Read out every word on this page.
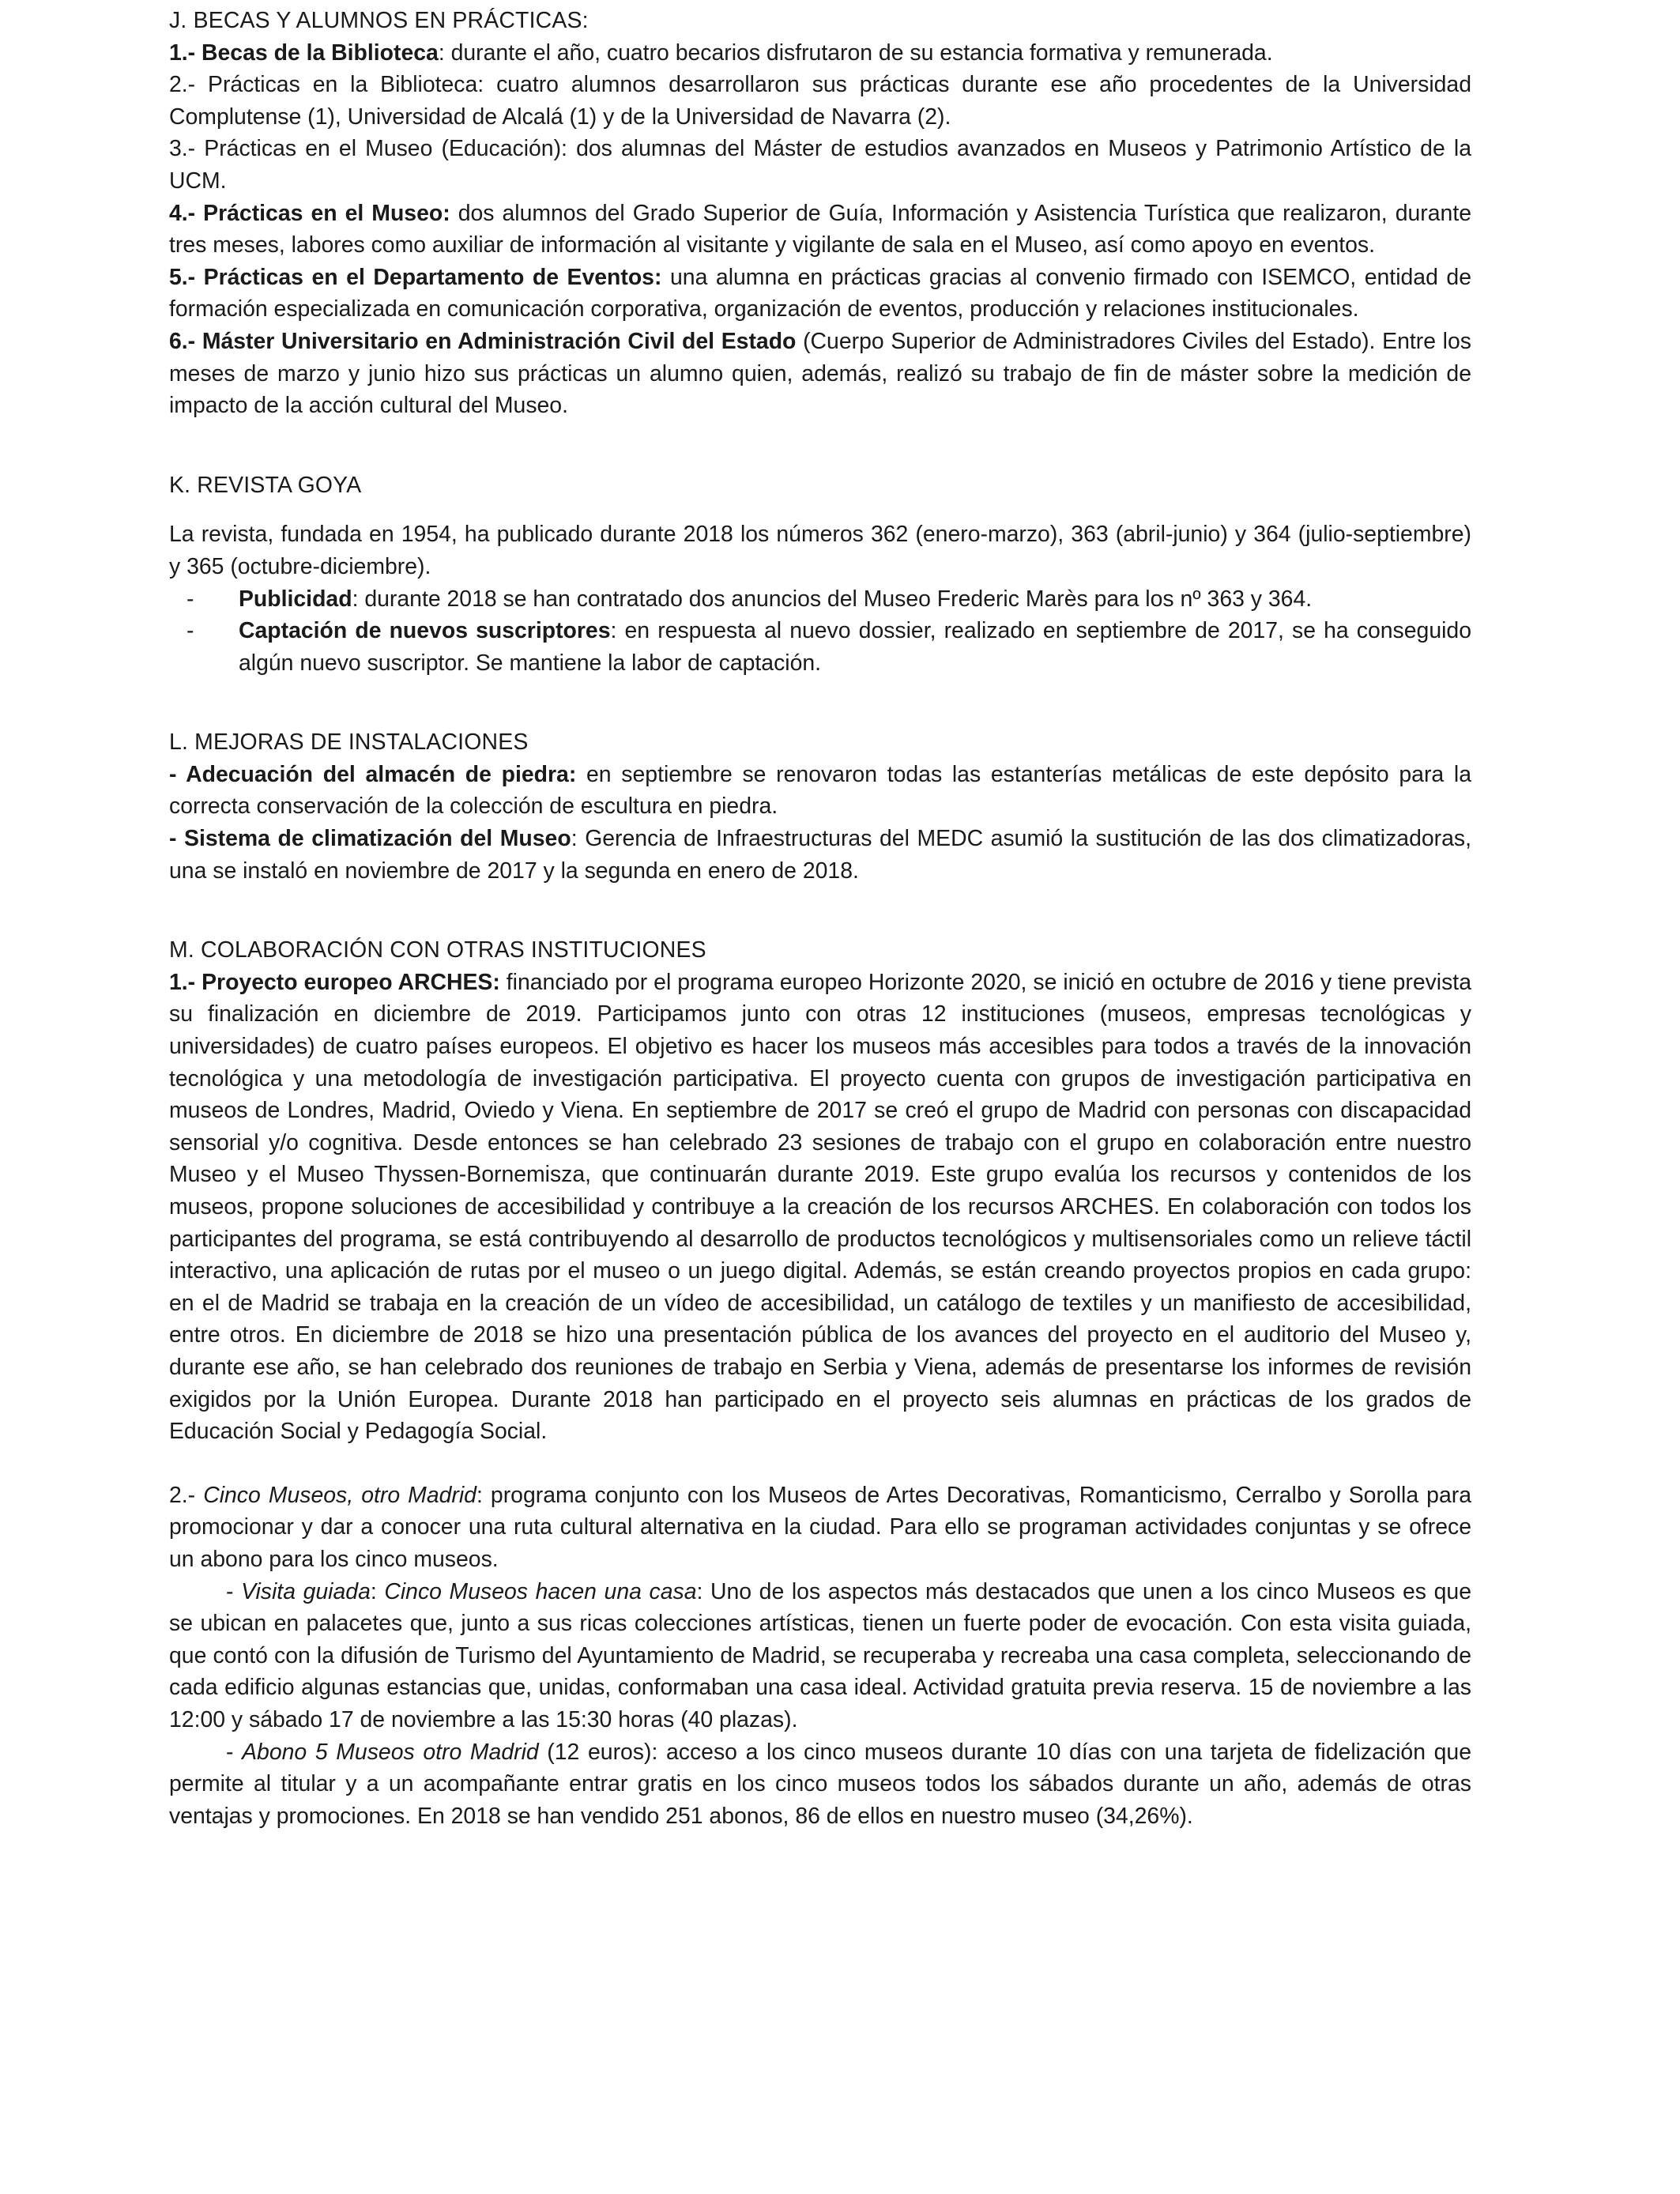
J. BECAS Y ALUMNOS EN PRÁCTICAS:

1.- Becas de la Biblioteca: durante el año, cuatro becarios disfrutaron de su estancia formativa y remunerada.

2.- Prácticas en la Biblioteca: cuatro alumnos desarrollaron sus prácticas durante ese año procedentes de la Universidad Complutense (1), Universidad de Alcalá (1) y de la Universidad de Navarra (2).

3.- Prácticas en el Museo (Educación): dos alumnas del Máster de estudios avanzados en Museos y Patrimonio Artístico de la UCM.

4.- Prácticas en el Museo: dos alumnos del Grado Superior de Guía, Información y Asistencia Turística que realizaron, durante tres meses, labores como auxiliar de información al visitante y vigilante de sala en el Museo, así como apoyo en eventos.

5.- Prácticas en el Departamento de Eventos: una alumna en prácticas gracias al convenio firmado con ISEMCO, entidad de formación especializada en comunicación corporativa, organización de eventos, producción y relaciones institucionales.

6.- Máster Universitario en Administración Civil del Estado (Cuerpo Superior de Administradores Civiles del Estado). Entre los meses de marzo y junio hizo sus prácticas un alumno quien, además, realizó su trabajo de fin de máster sobre la medición de impacto de la acción cultural del Museo.

K. REVISTA GOYA

La revista, fundada en 1954, ha publicado durante 2018 los números 362 (enero-marzo), 363 (abril-junio) y 364 (julio-septiembre) y 365 (octubre-diciembre).

- Publicidad: durante 2018 se han contratado dos anuncios del Museo Frederic Marès para los nº 363 y 364.

- Captación de nuevos suscriptores: en respuesta al nuevo dossier, realizado en septiembre de 2017, se ha conseguido algún nuevo suscriptor. Se mantiene la labor de captación.

L. MEJORAS DE INSTALACIONES

- Adecuación del almacén de piedra: en septiembre se renovaron todas las estanterías metálicas de este depósito para la correcta conservación de la colección de escultura en piedra.

- Sistema de climatización del Museo: Gerencia de Infraestructuras del MEDC asumió la sustitución de las dos climatizadoras, una se instaló en noviembre de 2017 y la segunda en enero de 2018.

M. COLABORACIÓN CON OTRAS INSTITUCIONES

1.- Proyecto europeo ARCHES: financiado por el programa europeo Horizonte 2020, se inició en octubre de 2016 y tiene prevista su finalización en diciembre de 2019. Participamos junto con otras 12 instituciones (museos, empresas tecnológicas y universidades) de cuatro países europeos. El objetivo es hacer los museos más accesibles para todos a través de la innovación tecnológica y una metodología de investigación participativa. El proyecto cuenta con grupos de investigación participativa en museos de Londres, Madrid, Oviedo y Viena. En septiembre de 2017 se creó el grupo de Madrid con personas con discapacidad sensorial y/o cognitiva. Desde entonces se han celebrado 23 sesiones de trabajo con el grupo en colaboración entre nuestro Museo y el Museo Thyssen-Bornemisza, que continuarán durante 2019. Este grupo evalúa los recursos y contenidos de los museos, propone soluciones de accesibilidad y contribuye a la creación de los recursos ARCHES. En colaboración con todos los participantes del programa, se está contribuyendo al desarrollo de productos tecnológicos y multisensoriales como un relieve táctil interactivo, una aplicación de rutas por el museo o un juego digital. Además, se están creando proyectos propios en cada grupo: en el de Madrid se trabaja en la creación de un vídeo de accesibilidad, un catálogo de textiles y un manifiesto de accesibilidad, entre otros. En diciembre de 2018 se hizo una presentación pública de los avances del proyecto en el auditorio del Museo y, durante ese año, se han celebrado dos reuniones de trabajo en Serbia y Viena, además de presentarse los informes de revisión exigidos por la Unión Europea. Durante 2018 han participado en el proyecto seis alumnas en prácticas de los grados de Educación Social y Pedagogía Social.

2.- Cinco Museos, otro Madrid: programa conjunto con los Museos de Artes Decorativas, Romanticismo, Cerralbo y Sorolla para promocionar y dar a conocer una ruta cultural alternativa en la ciudad. Para ello se programan actividades conjuntas y se ofrece un abono para los cinco museos.

- Visita guiada: Cinco Museos hacen una casa: Uno de los aspectos más destacados que unen a los cinco Museos es que se ubican en palacetes que, junto a sus ricas colecciones artísticas, tienen un fuerte poder de evocación. Con esta visita guiada, que contó con la difusión de Turismo del Ayuntamiento de Madrid, se recuperaba y recreaba una casa completa, seleccionando de cada edificio algunas estancias que, unidas, conformaban una casa ideal. Actividad gratuita previa reserva. 15 de noviembre a las 12:00 y sábado 17 de noviembre a las 15:30 horas (40 plazas).

- Abono 5 Museos otro Madrid (12 euros): acceso a los cinco museos durante 10 días con una tarjeta de fidelización que permite al titular y a un acompañante entrar gratis en los cinco museos todos los sábados durante un año, además de otras ventajas y promociones. En 2018 se han vendido 251 abonos, 86 de ellos en nuestro museo (34,26%).
